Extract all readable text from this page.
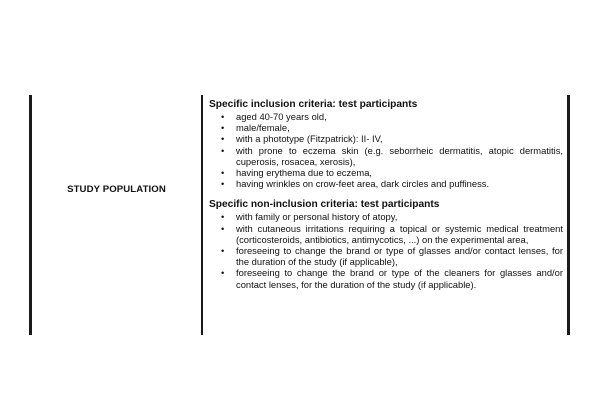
STUDY POPULATION

Specific inclusion criteria: test participants

• aged 40-70 years old,
• male/female,
• with a phototype (Fitzpatrick): II- IV,
• with prone to eczema skin (e.g. seborrheic dermatitis, atopic dermatitis, cuperosis, rosacea, xerosis),
• having erythema due to eczema,
• having wrinkles on crow-feet area, dark circles and puffiness.

Specific non-inclusion criteria: test participants

• with family or personal history of atopy,
• with cutaneous irritations requiring a topical or systemic medical treatment (corticosteroids, antibiotics, antimycotics, ...) on the experimental area,
• foreseeing to change the brand or type of glasses and/or contact lenses, for the duration of the study (if applicable),
• foreseeing to change the brand or type of the cleaners for glasses and/or contact lenses, for the duration of the study (if applicable).
